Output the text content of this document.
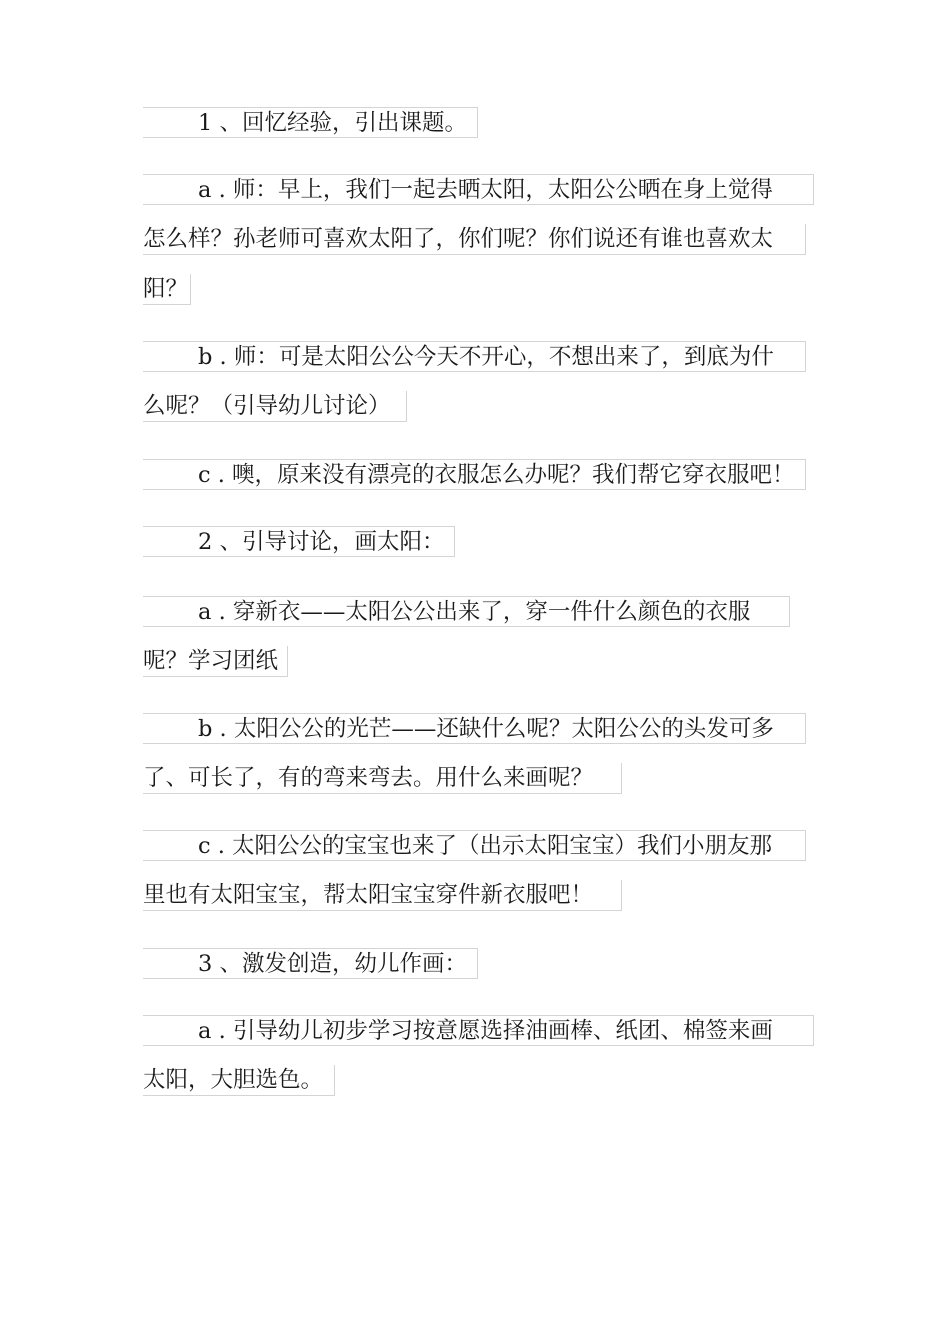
1 、回忆经验，引出课题。
a . 师：早上，我们一起去晒太阳，太阳公公晒在身上觉得
怎么样？孙老师可喜欢太阳了，你们呢？你们说还有谁也喜欢太
阳？
b . 师：可是太阳公公今天不开心，不想出来了，到底为什
么呢？（引导幼儿讨论）
c . 噢，原来没有漂亮的衣服怎么办呢？我们帮它穿衣服吧！
2 、引导讨论，画太阳：
a . 穿新衣——太阳公公出来了，穿一件什么颜色的衣服
呢？学习团纸
b . 太阳公公的光芒——还缺什么呢？太阳公公的头发可多
了、可长了，有的弯来弯去。用什么来画呢？
c . 太阳公公的宝宝也来了（出示太阳宝宝）我们小朋友那
里也有太阳宝宝，帮太阳宝宝穿件新衣服吧！
3 、激发创造，幼儿作画：
a . 引导幼儿初步学习按意愿选择油画棒、纸团、棉签来画
太阳，大胆选色。
